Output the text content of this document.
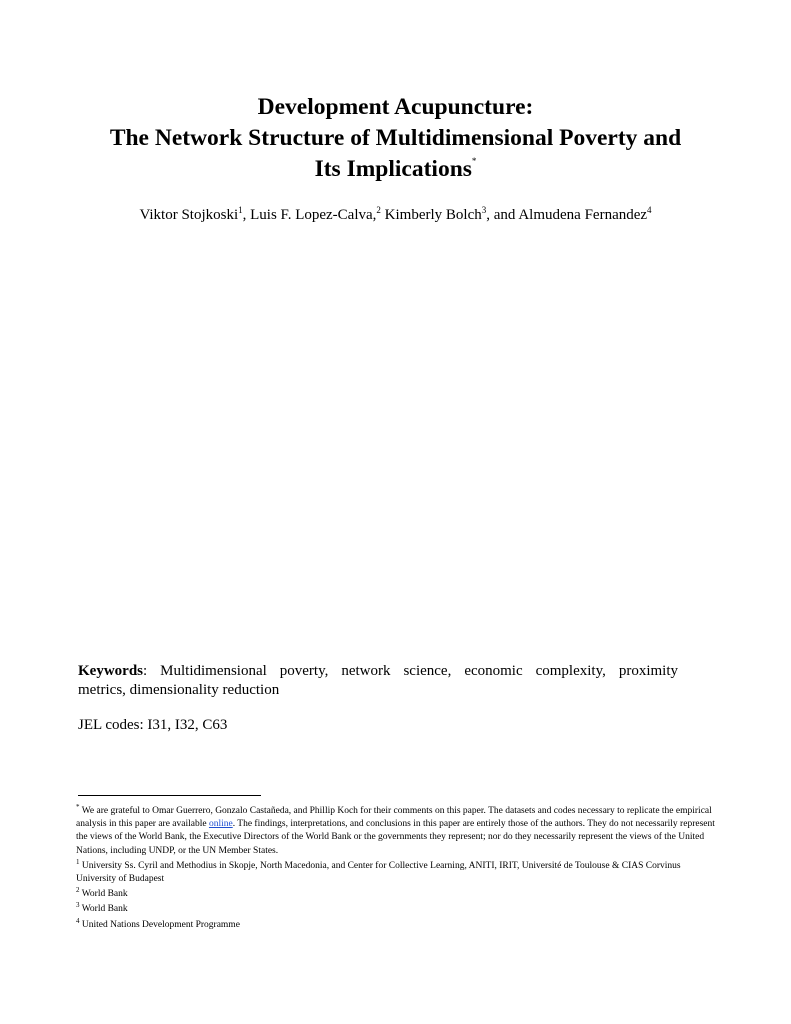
Development Acupuncture:
The Network Structure of Multidimensional Poverty and
Its Implications*
Viktor Stojkoski$^1$, Luis F. Lopez-Calva,$^2$ Kimberly Bolch$^3$, and Almudena Fernandez$^4$
Keywords: Multidimensional poverty, network science, economic complexity, proximity
metrics, dimensionality reduction
JEL codes: I31, I32, C63
* We are grateful to Omar Guerrero, Gonzalo Castañeda, and Phillip Koch for their comments on this paper. The datasets and codes necessary to replicate the empirical analysis in this paper are available online. The findings, interpretations, and conclusions in this paper are entirely those of the authors. They do not necessarily represent the views of the World Bank, the Executive Directors of the World Bank or the governments they represent; nor do they necessarily represent the views of the United Nations, including UNDP, or the UN Member States.
$^1$ University Ss. Cyril and Methodius in Skopje, North Macedonia, and Center for Collective Learning, ANITI, IRIT, Université de Toulouse & CIAS Corvinus University of Budapest
$^2$ World Bank
$^3$ World Bank
$^4$ United Nations Development Programme
